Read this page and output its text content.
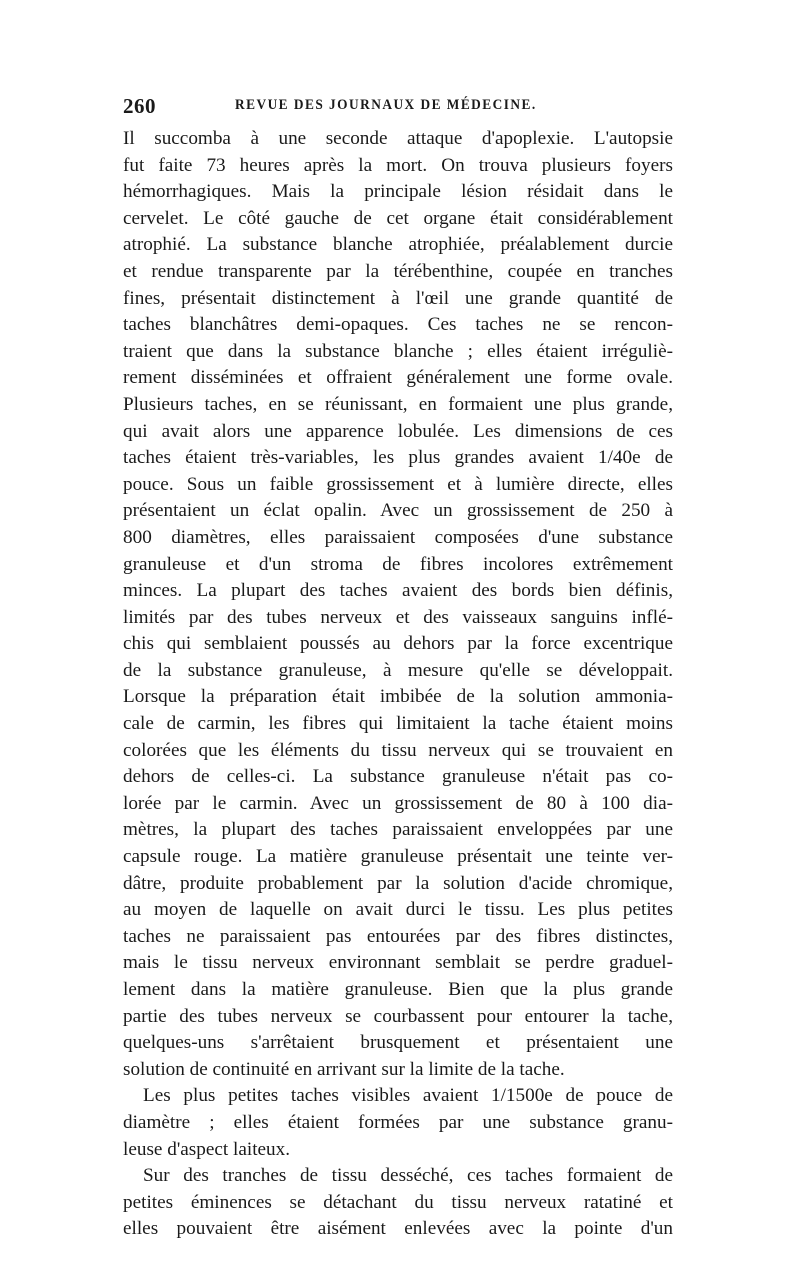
260	REVUE DES JOURNAUX DE MÉDECINE.
Il succomba à une seconde attaque d'apoplexie. L'autopsie
fut faite 73 heures après la mort. On trouva plusieurs foyers
hémorrhagiques. Mais la principale lésion résidait dans le
cervelet. Le côté gauche de cet organe était considérablement
atrophié. La substance blanche atrophiée, préalablement durcie
et rendue transparente par la térébenthine, coupée en tranches
fines, présentait distinctement à l'œil une grande quantité de
taches blanchâtres demi-opaques. Ces taches ne se rencon-
traient que dans la substance blanche ; elles étaient irréguliè-
rement disséminées et offraient généralement une forme ovale.
Plusieurs taches, en se réunissant, en formaient une plus grande,
qui avait alors une apparence lobulée. Les dimensions de ces
taches étaient très-variables, les plus grandes avaient 1/40e de
pouce. Sous un faible grossissement et à lumière directe, elles
présentaient un éclat opalin. Avec un grossissement de 250 à
800 diamètres, elles paraissaient composées d'une substance
granuleuse et d'un stroma de fibres incolores extrêmement
minces. La plupart des taches avaient des bords bien définis,
limités par des tubes nerveux et des vaisseaux sanguins inflé-
chis qui semblaient poussés au dehors par la force excentrique
de la substance granuleuse, à mesure qu'elle se développait.
Lorsque la préparation était imbibée de la solution ammonia-
cale de carmin, les fibres qui limitaient la tache étaient moins
colorées que les éléments du tissu nerveux qui se trouvaient en
dehors de celles-ci. La substance granuleuse n'était pas co-
lorée par le carmin. Avec un grossissement de 80 à 100 dia-
mètres, la plupart des taches paraissaient enveloppées par une
capsule rouge. La matière granuleuse présentait une teinte ver-
dâtre, produite probablement par la solution d'acide chromique,
au moyen de laquelle on avait durci le tissu. Les plus petites
taches ne paraissaient pas entourées par des fibres distinctes,
mais le tissu nerveux environnant semblait se perdre graduel-
lement dans la matière granuleuse. Bien que la plus grande
partie des tubes nerveux se courbassent pour entourer la tache,
quelques-uns s'arrêtaient brusquement et présentaient une
solution de continuité en arrivant sur la limite de la tache.
Les plus petites taches visibles avaient 1/1500e de pouce de
diamètre ; elles étaient formées par une substance granu-
leuse d'aspect laiteux.
Sur des tranches de tissu desséché, ces taches formaient de
petites éminences se détachant du tissu nerveux ratatiné et
elles pouvaient être aisément enlevées avec la pointe d'un
